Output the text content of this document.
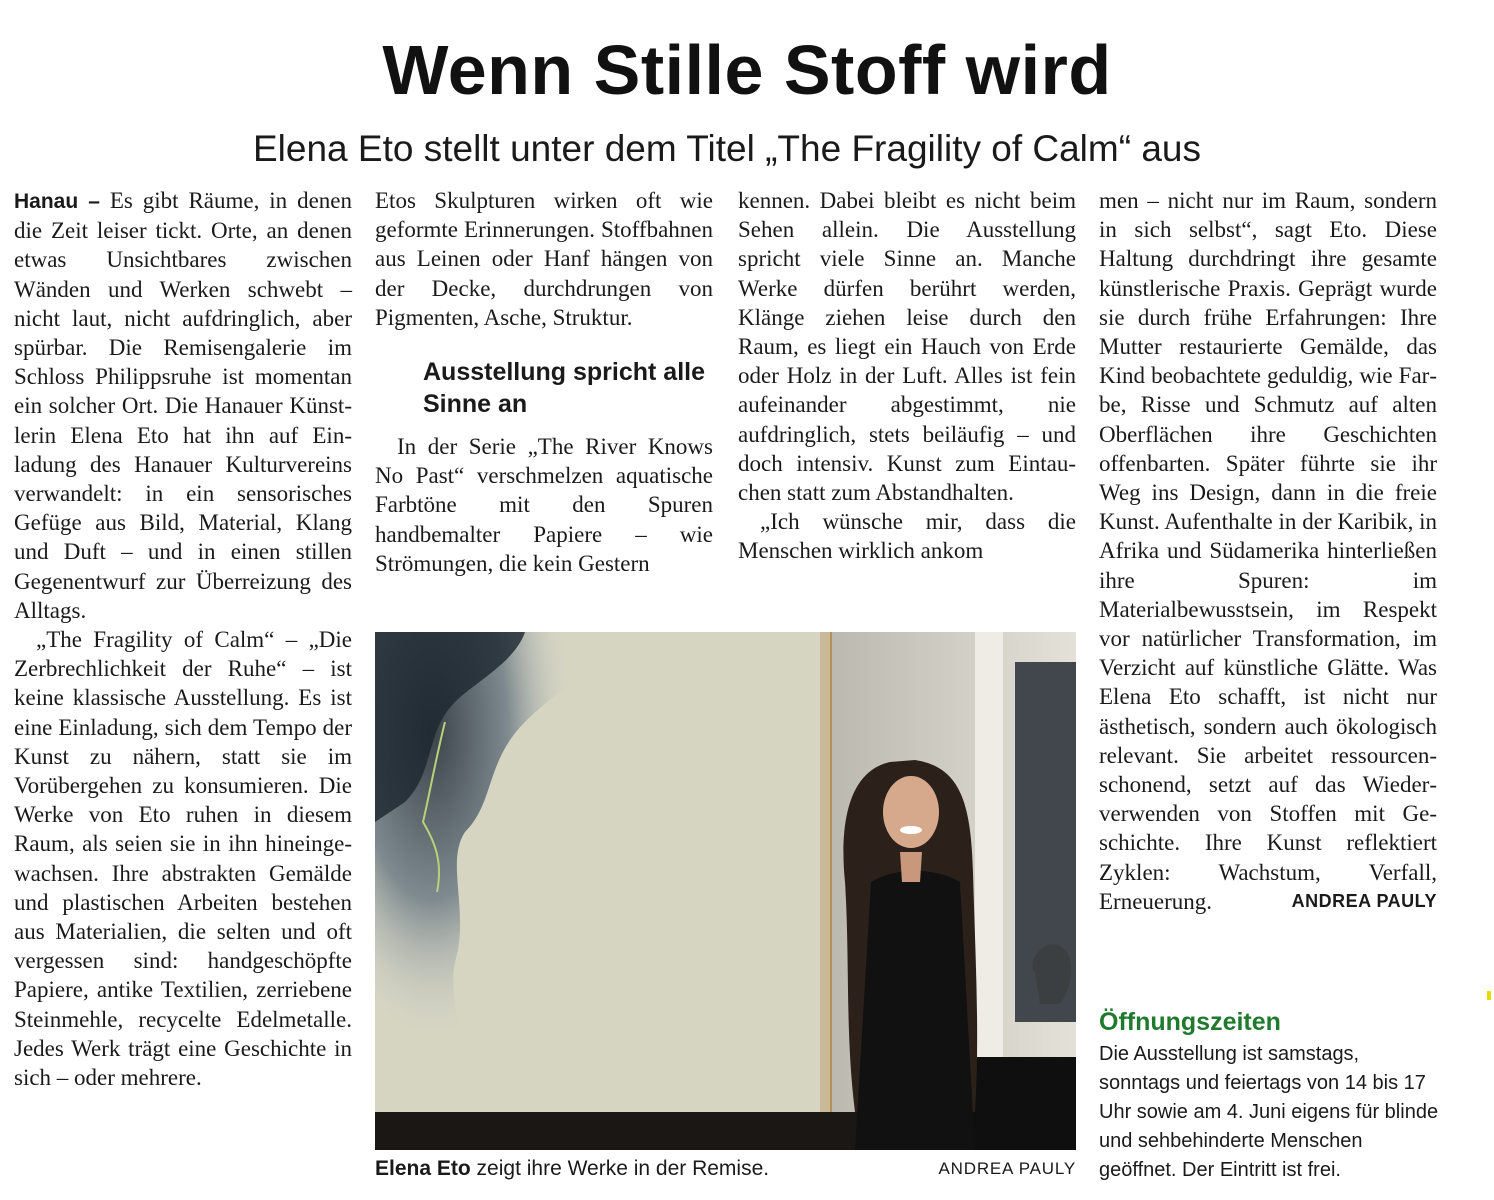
Wenn Stille Stoff wird
Elena Eto stellt unter dem Titel „The Fragility of Calm“ aus

Hanau – Es gibt Räume, in denen die Zeit leiser tickt. Orte, an denen etwas Unsichtbares zwischen Wänden und Werken schwebt – nicht laut, nicht aufdringlich, aber spürbar. Die Remisengalerie im Schloss Philippsruhe ist momentan ein solcher Ort. Die Hanauer Künstlerin Elena Eto hat ihn auf Einladung des Hanauer Kulturvereins verwandelt: in ein sensorisches Gefüge aus Bild, Material, Klang und Duft – und in einen stillen Gegenentwurf zur Überreizung des Alltags.

„The Fragility of Calm“ – „Die Zerbrechlichkeit der Ruhe“ – ist keine klassische Ausstellung. Es ist eine Einladung, sich dem Tempo der Kunst zu nähern, statt sie im Vorübergehen zu konsumieren. Die Werke von Eto ruhen in diesem Raum, als seien sie in ihn hineingewachsen. Ihre abstrakten Gemälde und plastischen Arbeiten bestehen aus Materialien, die selten und oft vergessen sind: handgeschöpfte Papiere, antike Textilien, zerriebene Steinmehle, recycelte Edelmetalle. Jedes Werk trägt eine Geschichte in sich – oder mehrere.

Etos Skulpturen wirken oft wie geformte Erinnerungen. Stoffbahnen aus Leinen oder Hanf hängen von der Decke, durchdrungen von Pigmenten, Asche, Struktur.

Ausstellung spricht alle Sinne an

In der Serie „The River Knows No Past“ verschmelzen aquatische Farbtöne mit den Spuren handbemalter Papiere – wie Strömungen, die kein Gestern

kennen. Dabei bleibt es nicht beim Sehen allein. Die Ausstellung spricht viele Sinne an. Manche Werke dürfen berührt werden, Klänge ziehen leise durch den Raum, es liegt ein Hauch von Erde oder Holz in der Luft. Alles ist fein aufeinander abgestimmt, nie aufdringlich, stets beiläufig – und doch intensiv. Kunst zum Eintauchen statt zum Abstandhalten.

„Ich wünsche mir, dass die Menschen wirklich ankom

men – nicht nur im Raum, sondern in sich selbst“, sagt Eto. Diese Haltung durchdringt ihre gesamte künstlerische Praxis. Geprägt wurde sie durch frühe Erfahrungen: Ihre Mutter restaurierte Gemälde, das Kind beobachtete geduldig, wie Farbe, Risse und Schmutz auf alten Oberflächen ihre Geschichten offenbarten. Später führte sie ihr Weg ins Design, dann in die freie Kunst. Aufenthalte in der Karibik, in Afrika und Südamerika hinterließen ihre Spuren: im Materialbewusstsein, im Respekt vor natürlicher Transformation, im Verzicht auf künstliche Glätte. Was Elena Eto schafft, ist nicht nur ästhetisch, sondern auch ökologisch relevant. Sie arbeitet ressourcenschonend, setzt auf das Wiederverwenden von Stoffen mit Geschichte. Ihre Kunst reflektiert Zyklen: Wachstum, Verfall, Erneuerung.	ANDREA PAULY

Öffnungszeiten
Die Ausstellung ist samstags, sonntags und feiertags von 14 bis 17 Uhr sowie am 4. Juni eigens für blinde und sehbehinderte Menschen geöffnet. Der Eintritt ist frei.
Elena Eto zeigt ihre Werke in der Remise.	ANDREA PAULY
